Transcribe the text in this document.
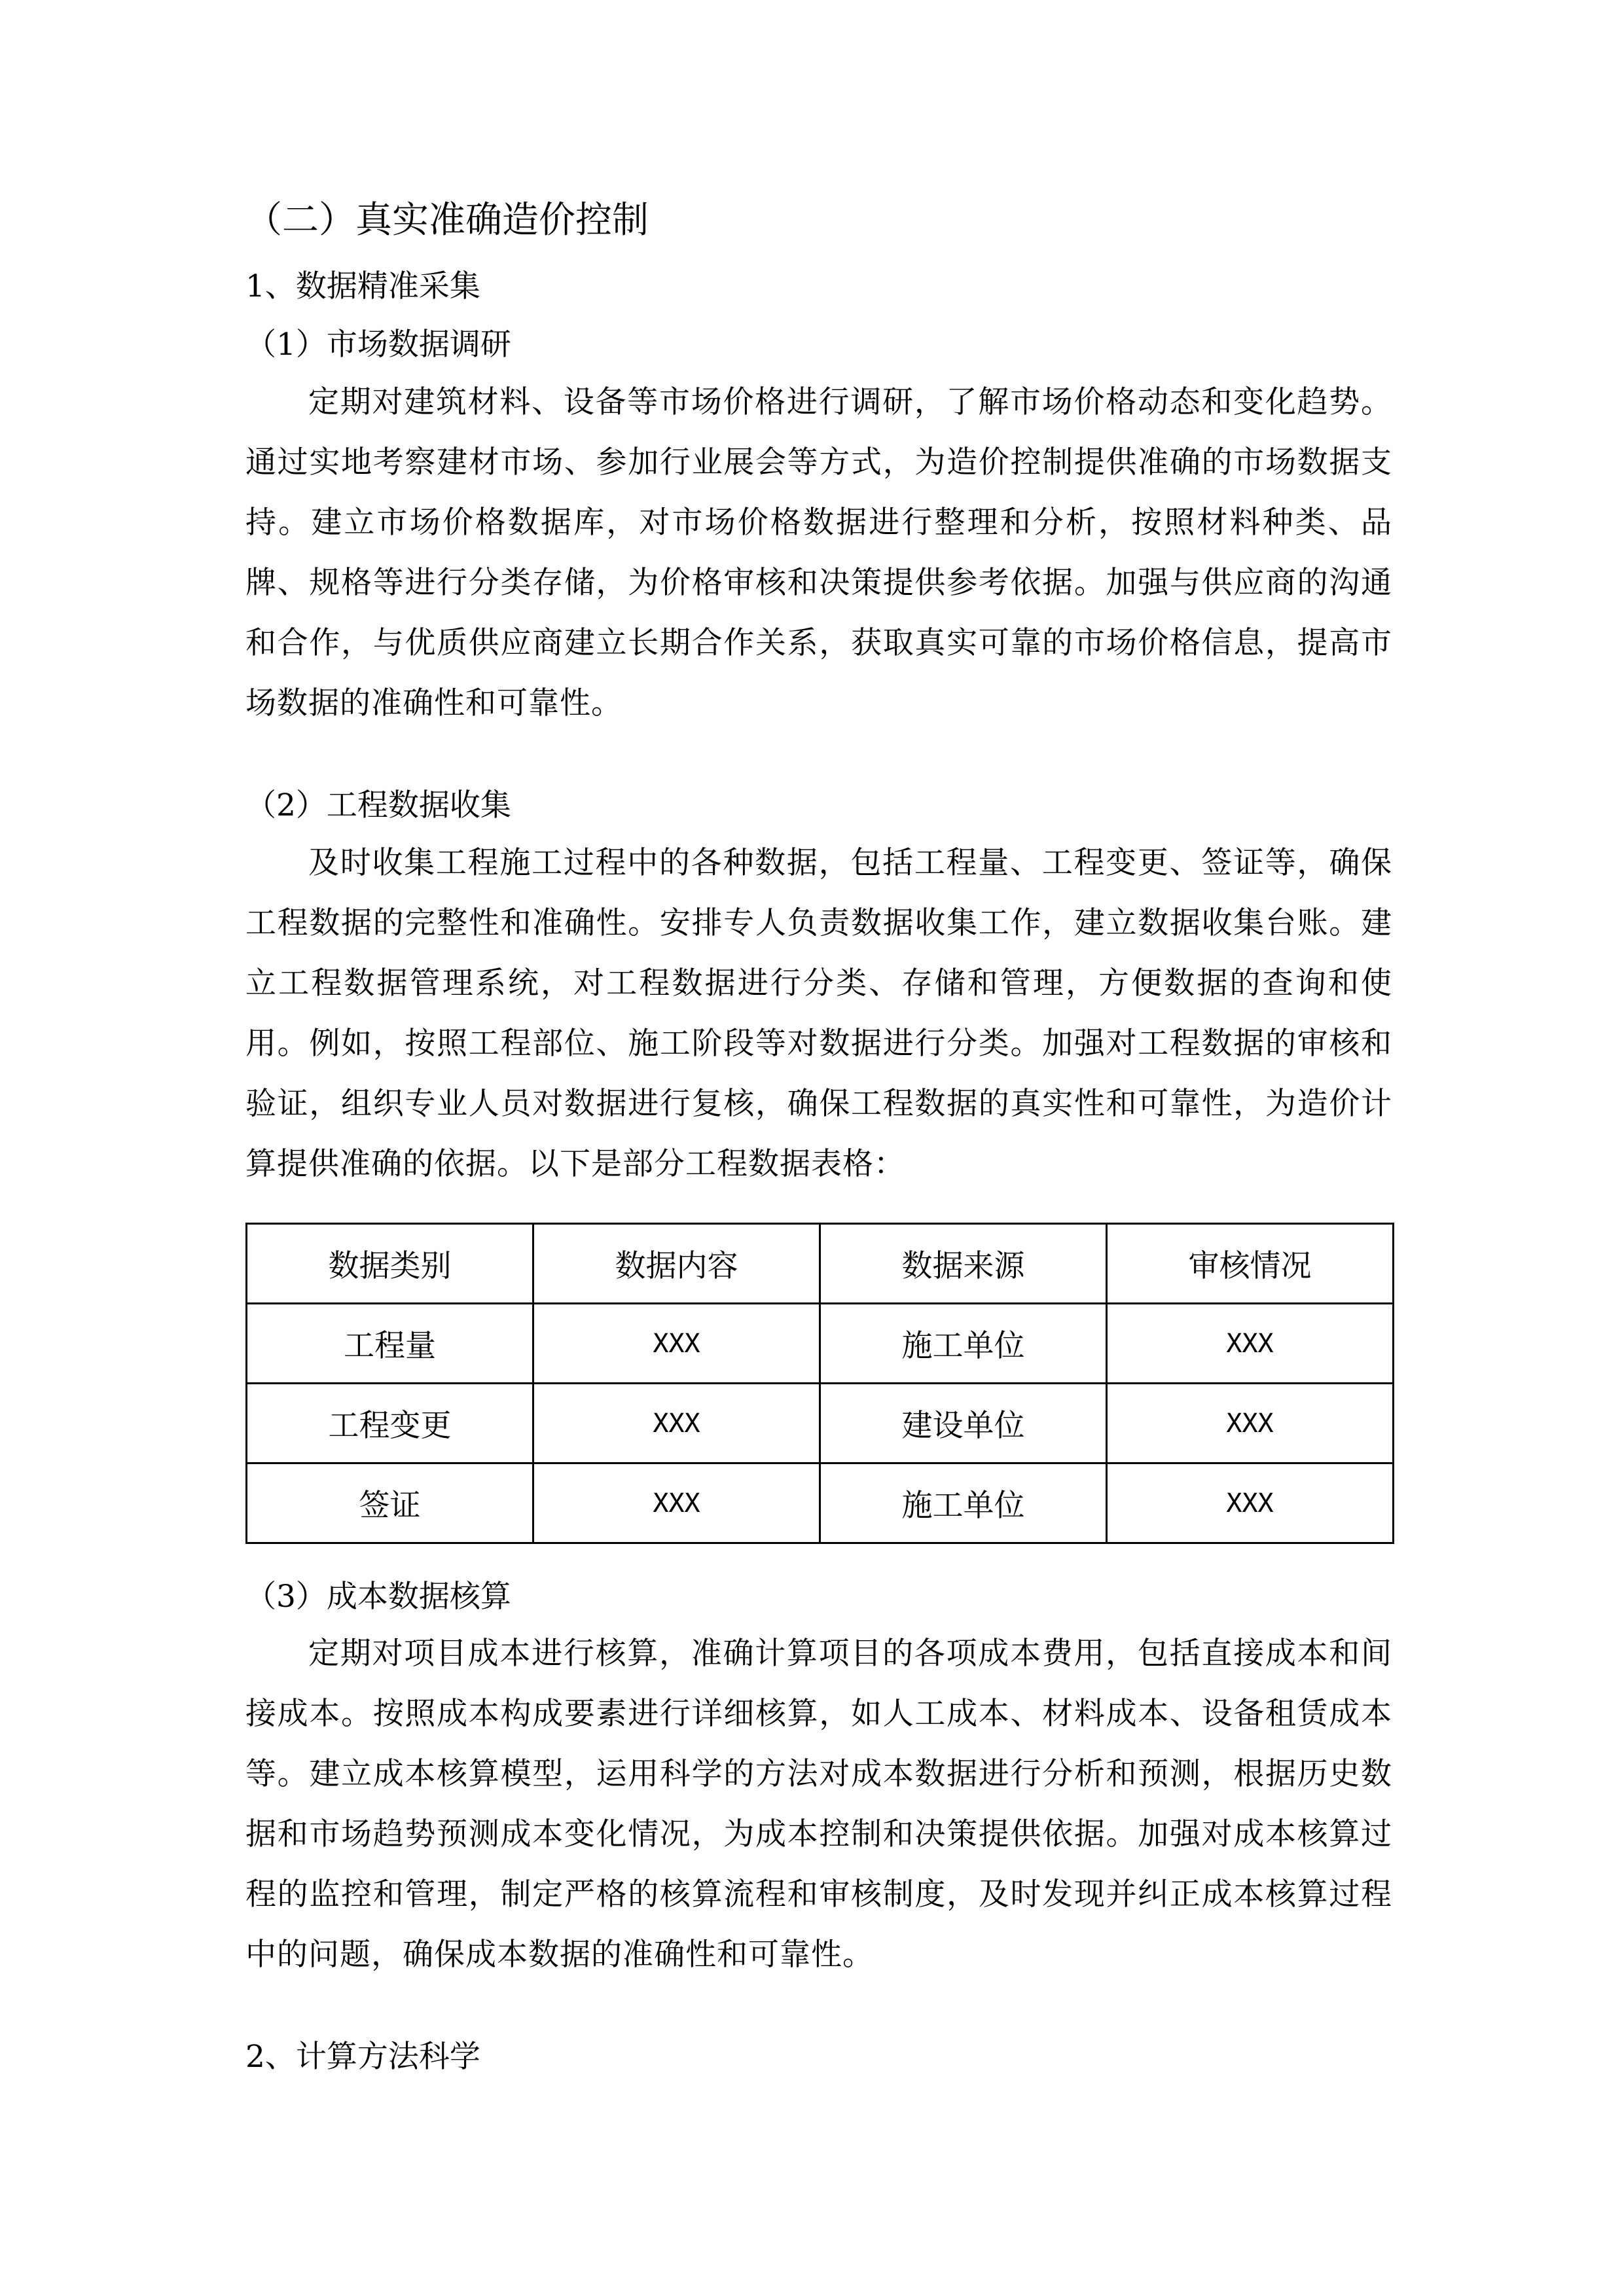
（二）真实准确造价控制
1、数据精准采集
（1）市场数据调研
定期对建筑材料、设备等市场价格进行调研，了解市场价格动态和变化趋势。通过实地考察建材市场、参加行业展会等方式，为造价控制提供准确的市场数据支持。建立市场价格数据库，对市场价格数据进行整理和分析，按照材料种类、品牌、规格等进行分类存储，为价格审核和决策提供参考依据。加强与供应商的沟通和合作，与优质供应商建立长期合作关系，获取真实可靠的市场价格信息，提高市场数据的准确性和可靠性。
（2）工程数据收集
及时收集工程施工过程中的各种数据，包括工程量、工程变更、签证等，确保工程数据的完整性和准确性。安排专人负责数据收集工作，建立数据收集台账。建立工程数据管理系统，对工程数据进行分类、存储和管理，方便数据的查询和使用。例如，按照工程部位、施工阶段等对数据进行分类。加强对工程数据的审核和验证，组织专业人员对数据进行复核，确保工程数据的真实性和可靠性，为造价计算提供准确的依据。以下是部分工程数据表格：
数据类别	数据内容	数据来源	审核情况
工程量	XXX	施工单位	XXX
工程变更	XXX	建设单位	XXX
签证	XXX	施工单位	XXX
（3）成本数据核算
定期对项目成本进行核算，准确计算项目的各项成本费用，包括直接成本和间接成本。按照成本构成要素进行详细核算，如人工成本、材料成本、设备租赁成本等。建立成本核算模型，运用科学的方法对成本数据进行分析和预测，根据历史数据和市场趋势预测成本变化情况，为成本控制和决策提供依据。加强对成本核算过程的监控和管理，制定严格的核算流程和审核制度，及时发现并纠正成本核算过程中的问题，确保成本数据的准确性和可靠性。
2、计算方法科学
